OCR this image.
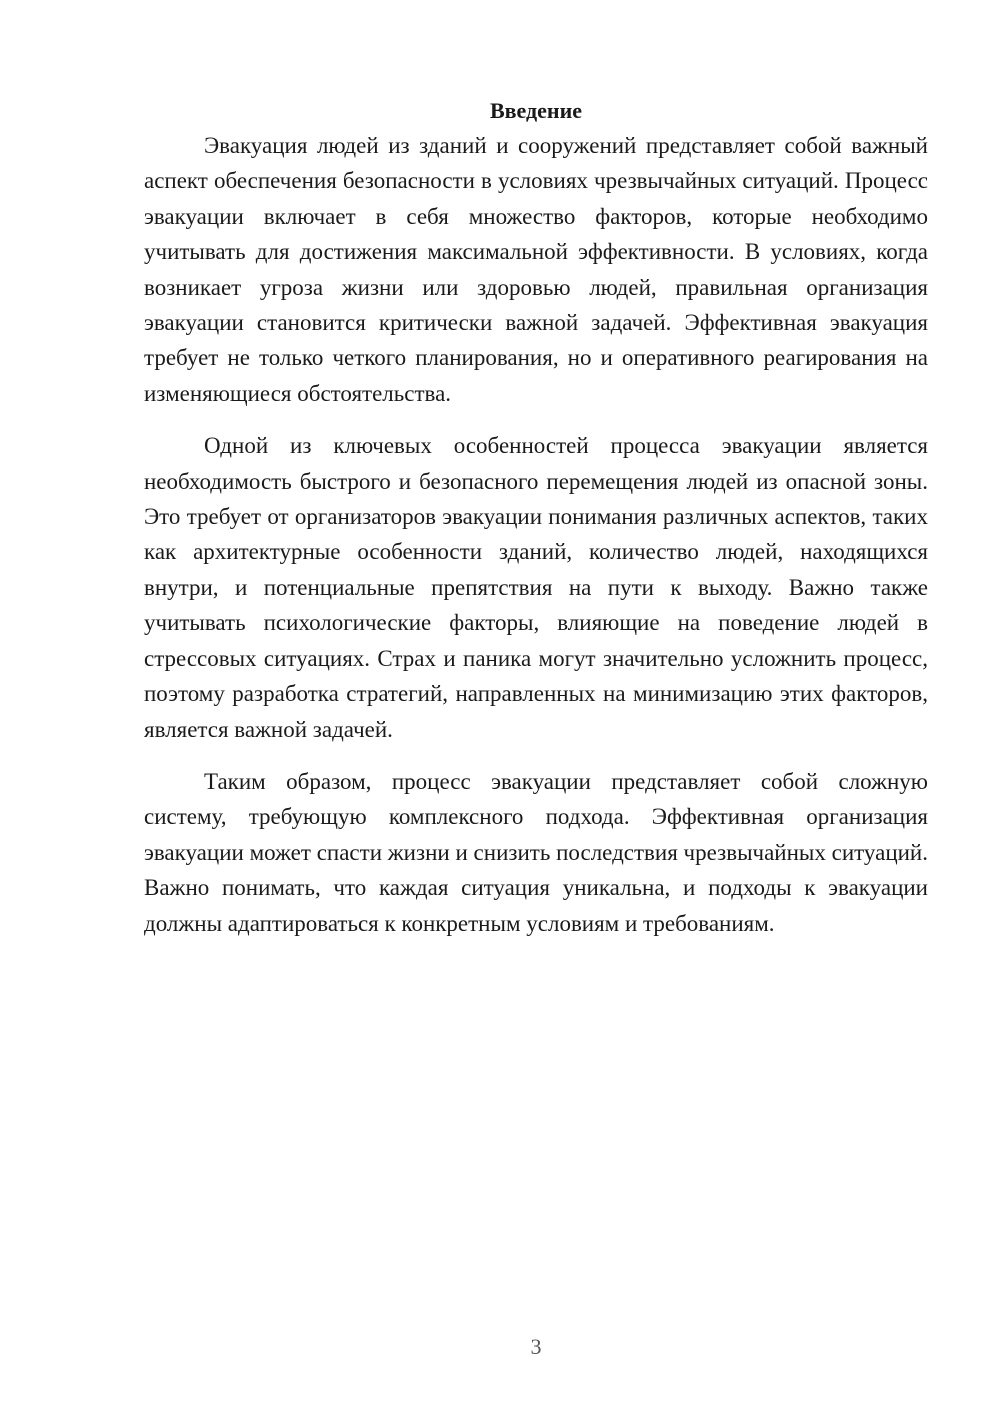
Введение

Эвакуация людей из зданий и сооружений представляет собой важный аспект обеспечения безопасности в условиях чрезвычайных ситуаций. Процесс эвакуации включает в себя множество факторов, которые необходимо учитывать для достижения максимальной эффективности. В условиях, когда возникает угроза жизни или здоровью людей, правильная организация эвакуации становится критически важной задачей. Эффективная эвакуация требует не только четкого планирования, но и оперативного реагирования на изменяющиеся обстоятельства.

Одной из ключевых особенностей процесса эвакуации является необходимость быстрого и безопасного перемещения людей из опасной зоны. Это требует от организаторов эвакуации понимания различных аспектов, таких как архитектурные особенности зданий, количество людей, находящихся внутри, и потенциальные препятствия на пути к выходу. Важно также учитывать психологические факторы, влияющие на поведение людей в стрессовых ситуациях. Страх и паника могут значительно усложнить процесс, поэтому разработка стратегий, направленных на минимизацию этих факторов, является важной задачей.

Таким образом, процесс эвакуации представляет собой сложную систему, требующую комплексного подхода. Эффективная организация эвакуации может спасти жизни и снизить последствия чрезвычайных ситуаций. Важно понимать, что каждая ситуация уникальна, и подходы к эвакуации должны адаптироваться к конкретным условиям и требованиям.

3
